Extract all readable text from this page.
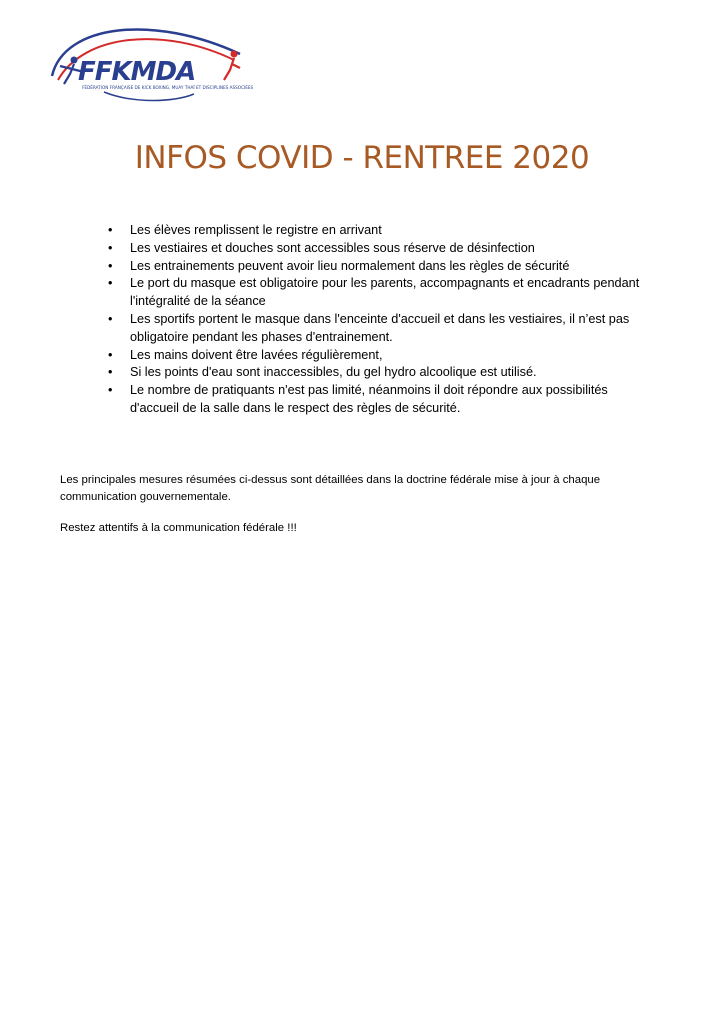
FFKMDA
FÉDÉRATION FRANÇAISE DE KICK BOXING, MUAY THAÏ ET DISCIPLINES ASSOCIÉES
INFOS COVID - RENTREE 2020
• Les élèves remplissent le registre en arrivant
• Les vestiaires et douches sont accessibles sous réserve de désinfection
• Les entrainements peuvent avoir lieu normalement dans les règles de sécurité
• Le port du masque est obligatoire pour les parents, accompagnants et encadrants pendant l'intégralité de la séance
• Les sportifs portent le masque dans l'enceinte d'accueil et dans les vestiaires, il n’est pas obligatoire pendant les phases d'entrainement.
• Les mains doivent être lavées régulièrement,
• Si les points d'eau sont inaccessibles, du gel hydro alcoolique est utilisé.
• Le nombre de pratiquants n'est pas limité, néanmoins il doit répondre aux possibilités d'accueil de la salle dans le respect des règles de sécurité.

Les principales mesures résumées ci-dessus sont détaillées dans la doctrine fédérale mise à jour à chaque communication gouvernementale.

Restez attentifs à la communication fédérale !!!
